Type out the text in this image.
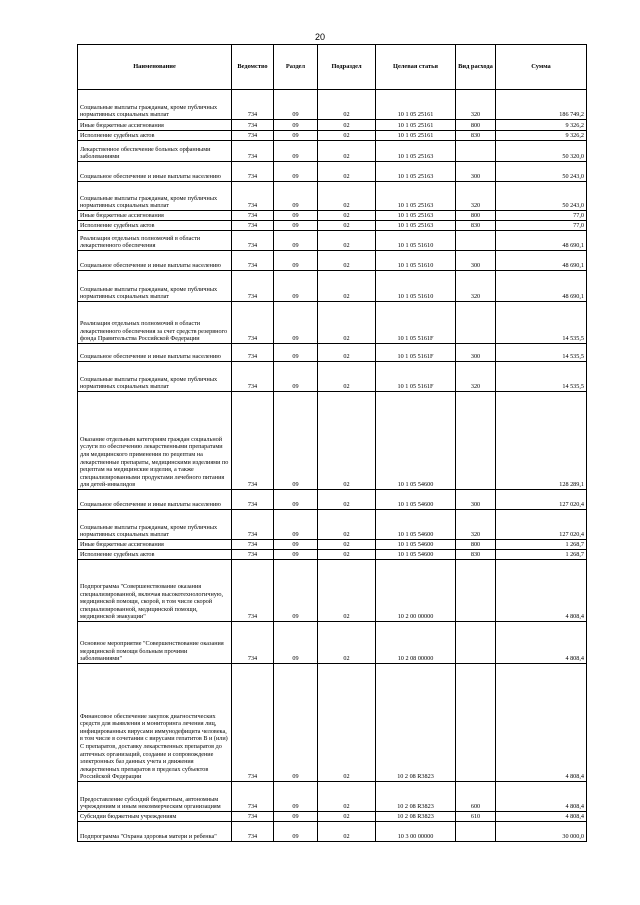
20
Наименование	Ведомство	Раздел	Подраздел	Целевая статья	Вид расхода	Сумма
Социальные выплаты гражданам, кроме публичных нормативных социальных выплат	734	09	02	10 1 05 25161	320	186 749,2
Иные бюджетные ассигнования	734	09	02	10 1 05 25161	800	9 326,2
Исполнение судебных актов	734	09	02	10 1 05 25161	830	9 326,2
Лекарственное обеспечение больных орфанными заболеваниями	734	09	02	10 1 05 25163		50 320,0
Социальное обеспечение и иные выплаты населению	734	09	02	10 1 05 25163	300	50 243,0
Социальные выплаты гражданам, кроме публичных нормативных социальных выплат	734	09	02	10 1 05 25163	320	50 243,0
Иные бюджетные ассигнования	734	09	02	10 1 05 25163	800	77,0
Исполнение судебных актов	734	09	02	10 1 05 25163	830	77,0
Реализация отдельных полномочий в области лекарственного обеспечения	734	09	02	10 1 05 51610		48 690,1
Социальное обеспечение и иные выплаты населению	734	09	02	10 1 05 51610	300	48 690,1
Социальные выплаты гражданам, кроме публичных нормативных социальных выплат	734	09	02	10 1 05 51610	320	48 690,1
Реализация отдельных полномочий в области лекарственного обеспечения за счет средств резервного фонда Правительства Российской Федерации	734	09	02	10 1 05 5161F		14 535,5
Социальное обеспечение и иные выплаты населению	734	09	02	10 1 05 5161F	300	14 535,5
Социальные выплаты гражданам, кроме публичных нормативных социальных выплат	734	09	02	10 1 05 5161F	320	14 535,5
Оказание отдельным категориям граждан социальной услуги по обеспечению лекарственными препаратами для медицинского применения по рецептам на лекарственные препараты, медицинскими изделиями по рецептам на медицинские изделия, а также специализированными продуктами лечебного питания для детей-инвалидов	734	09	02	10 1 05 54600		128 289,1
Социальное обеспечение и иные выплаты населению	734	09	02	10 1 05 54600	300	127 020,4
Социальные выплаты гражданам, кроме публичных нормативных социальных выплат	734	09	02	10 1 05 54600	320	127 020,4
Иные бюджетные ассигнования	734	09	02	10 1 05 54600	800	1 268,7
Исполнение судебных актов	734	09	02	10 1 05 54600	830	1 268,7
Подпрограмма "Совершенствование оказания специализированной, включая высокотехнологичную, медицинской помощи, скорой, в том числе скорой специализированной, медицинской помощи, медицинской эвакуации"	734	09	02	10 2 00 00000		4 808,4
Основное мероприятие "Совершенствование оказания медицинской помощи больным прочими заболеваниями"	734	09	02	10 2 08 00000		4 808,4
Финансовое обеспечение закупок диагностических средств для выявления и мониторинга лечения лиц, инфицированных вирусами иммунодефицита человека, в том числе в сочетании с вирусами гепатитов В и (или) С препаратов, доставку лекарственных препаратов до аптечных организаций, создание и сопровождение электронных баз данных учета и движения лекарственных препаратов в пределах субъектов Российской Федерации	734	09	02	10 2 08 R3823		4 808,4
Предоставление субсидий бюджетным, автономным учреждениям и иным некоммерческим организациям	734	09	02	10 2 08 R3823	600	4 808,4
Субсидии бюджетным учреждениям	734	09	02	10 2 08 R3823	610	4 808,4
Подпрограмма "Охрана здоровья матери и ребенка"	734	09	02	10 3 00 00000		30 000,0
